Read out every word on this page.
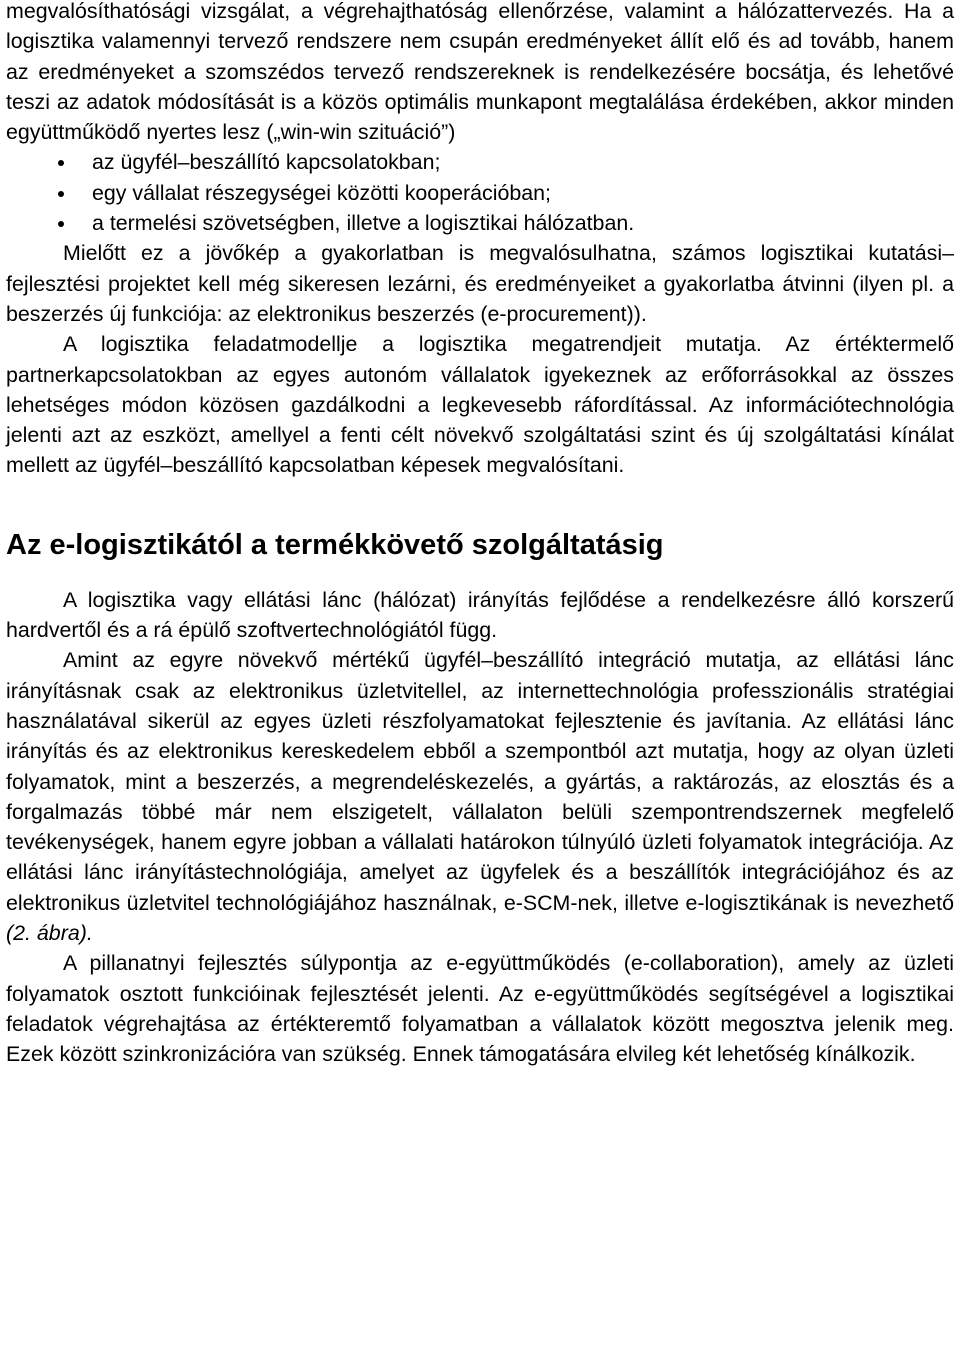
megvalósíthatósági vizsgálat, a végrehajthatóság ellenőrzése, valamint a hálózattervezés. Ha a logisztika valamennyi tervező rendszere nem csupán eredményeket állít elő és ad tovább, hanem az eredményeket a szomszédos tervező rendszereknek is rendelkezésére bocsátja, és lehetővé teszi az adatok módosítását is a közös optimális munkapont megtalálása érdekében, akkor minden együttműködő nyertes lesz („win-win szituáció”)

az ügyfél–beszállító kapcsolatokban;
egy vállalat részegységei közötti kooperációban;
a termelési szövetségben, illetve a logisztikai hálózatban.

Mielőtt ez a jövőkép a gyakorlatban is megvalósulhatna, számos logisztikai kutatási–fejlesztési projektet kell még sikeresen lezárni, és eredményeiket a gyakorlatba átvinni (ilyen pl. a beszerzés új funkciója: az elektronikus beszerzés (e-procurement)).

A logisztika feladatmodellje a logisztika megatrendjeit mutatja. Az értéktermelő partnerkapcsolatokban az egyes autonóm vállalatok igyekeznek az erőforrásokkal az összes lehetséges módon közösen gazdálkodni a legkevesebb ráfordítással. Az információtechnológia jelenti azt az eszközt, amellyel a fenti célt növekvő szolgáltatási szint és új szolgáltatási kínálat mellett az ügyfél–beszállító kapcsolatban képesek megvalósítani.

Az e-logisztikától a termékkövető szolgáltatásig

A logisztika vagy ellátási lánc (hálózat) irányítás fejlődése a rendelkezésre álló korszerű hardvertől és a rá épülő szoftvertechnológiától függ.

Amint az egyre növekvő mértékű ügyfél–beszállító integráció mutatja, az ellátási lánc irányításnak csak az elektronikus üzletvitellel, az internettechnológia professzionális stratégiai használatával sikerül az egyes üzleti részfolyamatokat fejlesztenie és javítania. Az ellátási lánc irányítás és az elektronikus kereskedelem ebből a szempontból azt mutatja, hogy az olyan üzleti folyamatok, mint a beszerzés, a megrendeléskezelés, a gyártás, a raktározás, az elosztás és a forgalmazás többé már nem elszigetelt, vállalaton belüli szempontrendszernek megfelelő tevékenységek, hanem egyre jobban a vállalati határokon túlnyúló üzleti folyamatok integrációja. Az ellátási lánc irányítástechnológiája, amelyet az ügyfelek és a beszállítók integrációjához és az elektronikus üzletvitel technológiájához használnak, e-SCM-nek, illetve e-logisztikának is nevezhető (2. ábra).

A pillanatnyi fejlesztés súlypontja az e-együttműködés (e-collaboration), amely az üzleti folyamatok osztott funkcióinak fejlesztését jelenti. Az e-együttműködés segítségével a logisztikai feladatok végrehajtása az értékteremtő folyamatban a vállalatok között megosztva jelenik meg. Ezek között szinkronizációra van szükség. Ennek támogatására elvileg két lehetőség kínálkozik.
